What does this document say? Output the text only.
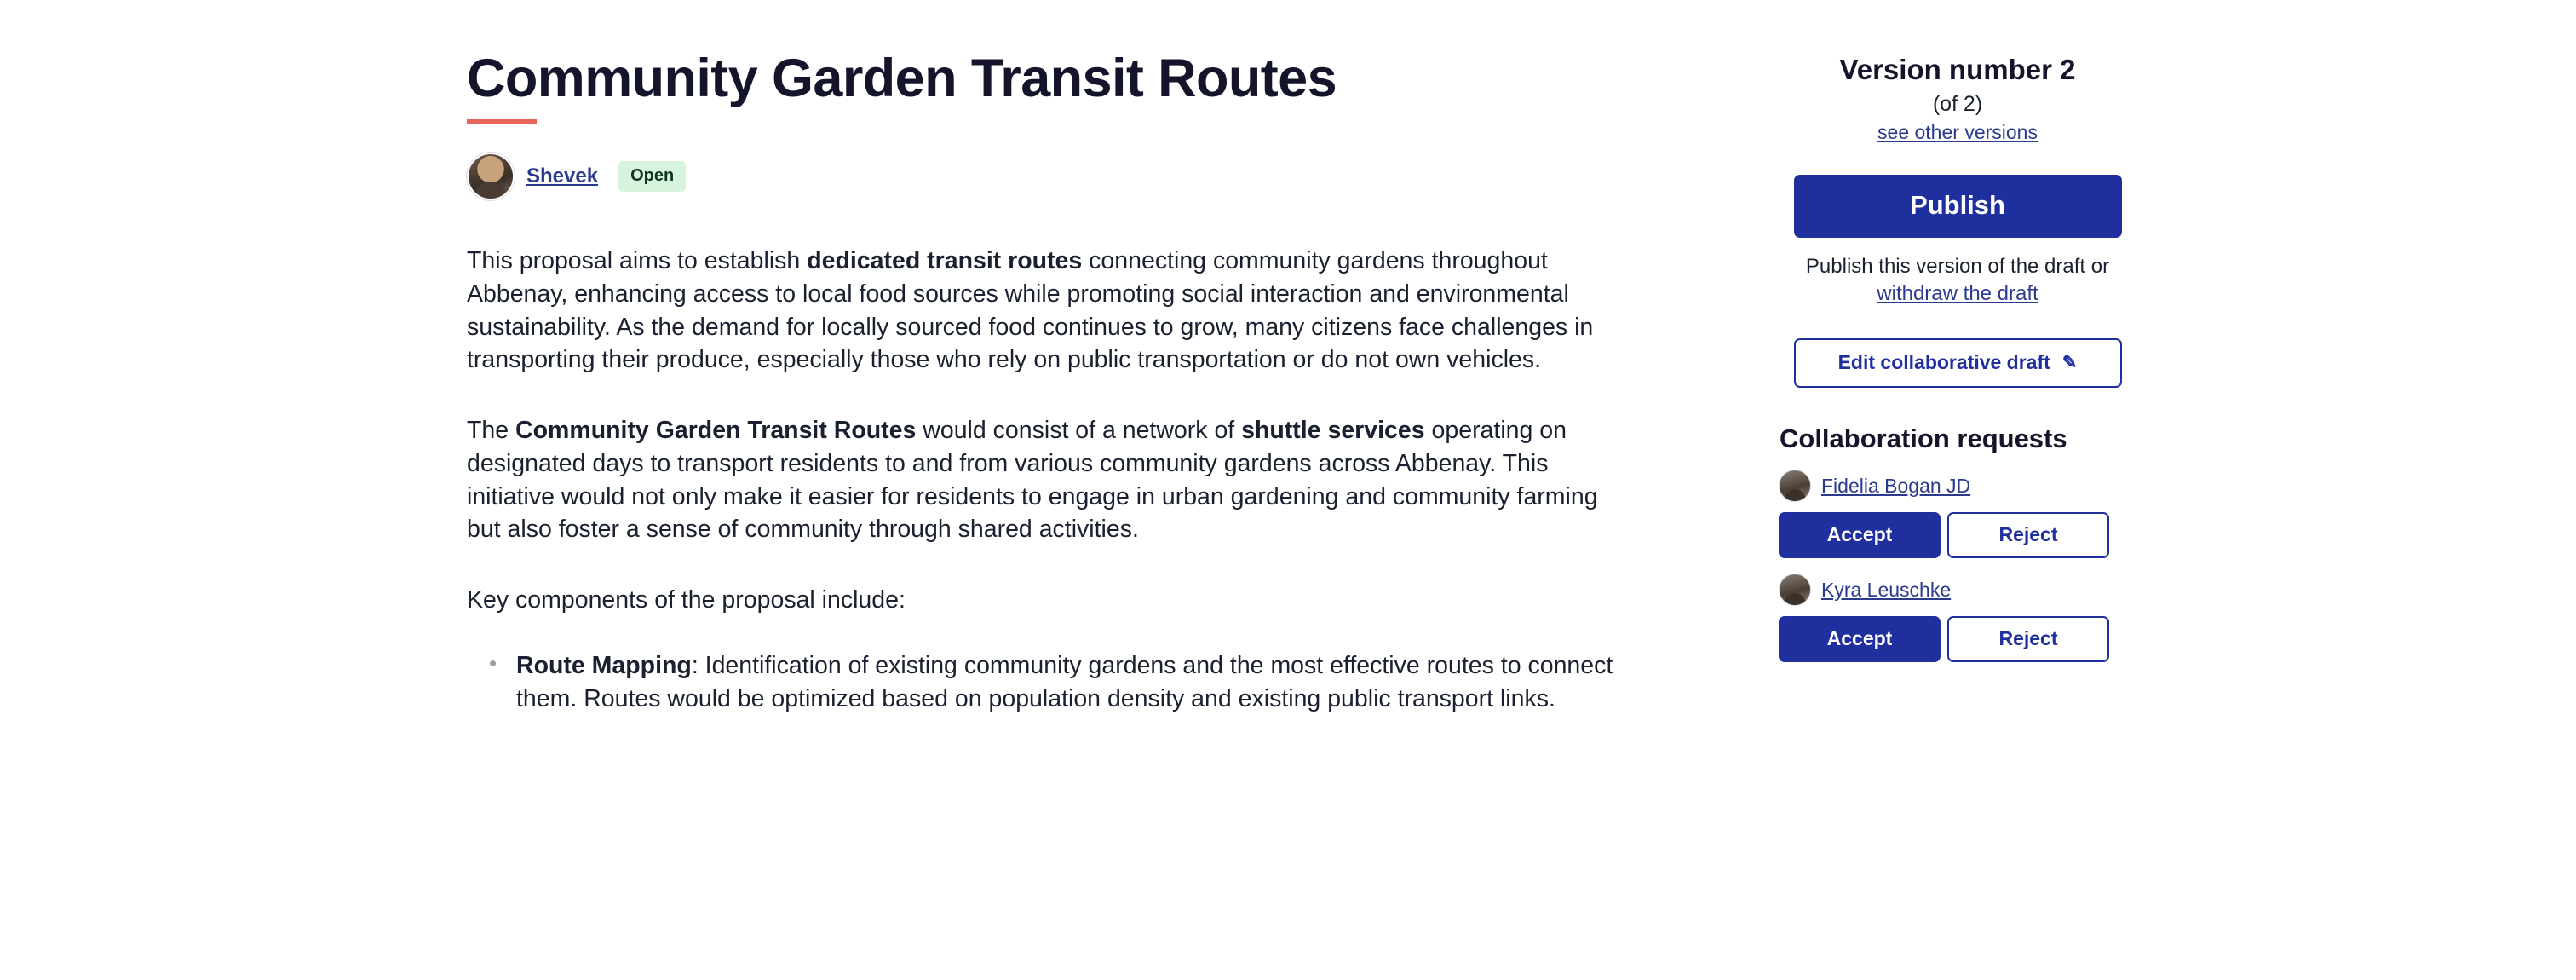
Community Garden Transit Routes
Shevek	Open

This proposal aims to establish dedicated transit routes connecting community gardens throughout Abbenay, enhancing access to local food sources while promoting social interaction and environmental sustainability. As the demand for locally sourced food continues to grow, many citizens face challenges in transporting their produce, especially those who rely on public transportation or do not own vehicles.

The Community Garden Transit Routes would consist of a network of shuttle services operating on designated days to transport residents to and from various community gardens across Abbenay. This initiative would not only make it easier for residents to engage in urban gardening and community farming but also foster a sense of community through shared activities.

Key components of the proposal include:

• Route Mapping: Identification of existing community gardens and the most effective routes to connect them. Routes would be optimized based on population density and existing public transport links.
Version number 2
(of 2)
see other versions
Publish
Publish this version of the draft or withdraw the draft
Edit collaborative draft ✎
Collaboration requests
Fidelia Bogan JD
Accept	Reject
Kyra Leuschke
Accept	Reject
